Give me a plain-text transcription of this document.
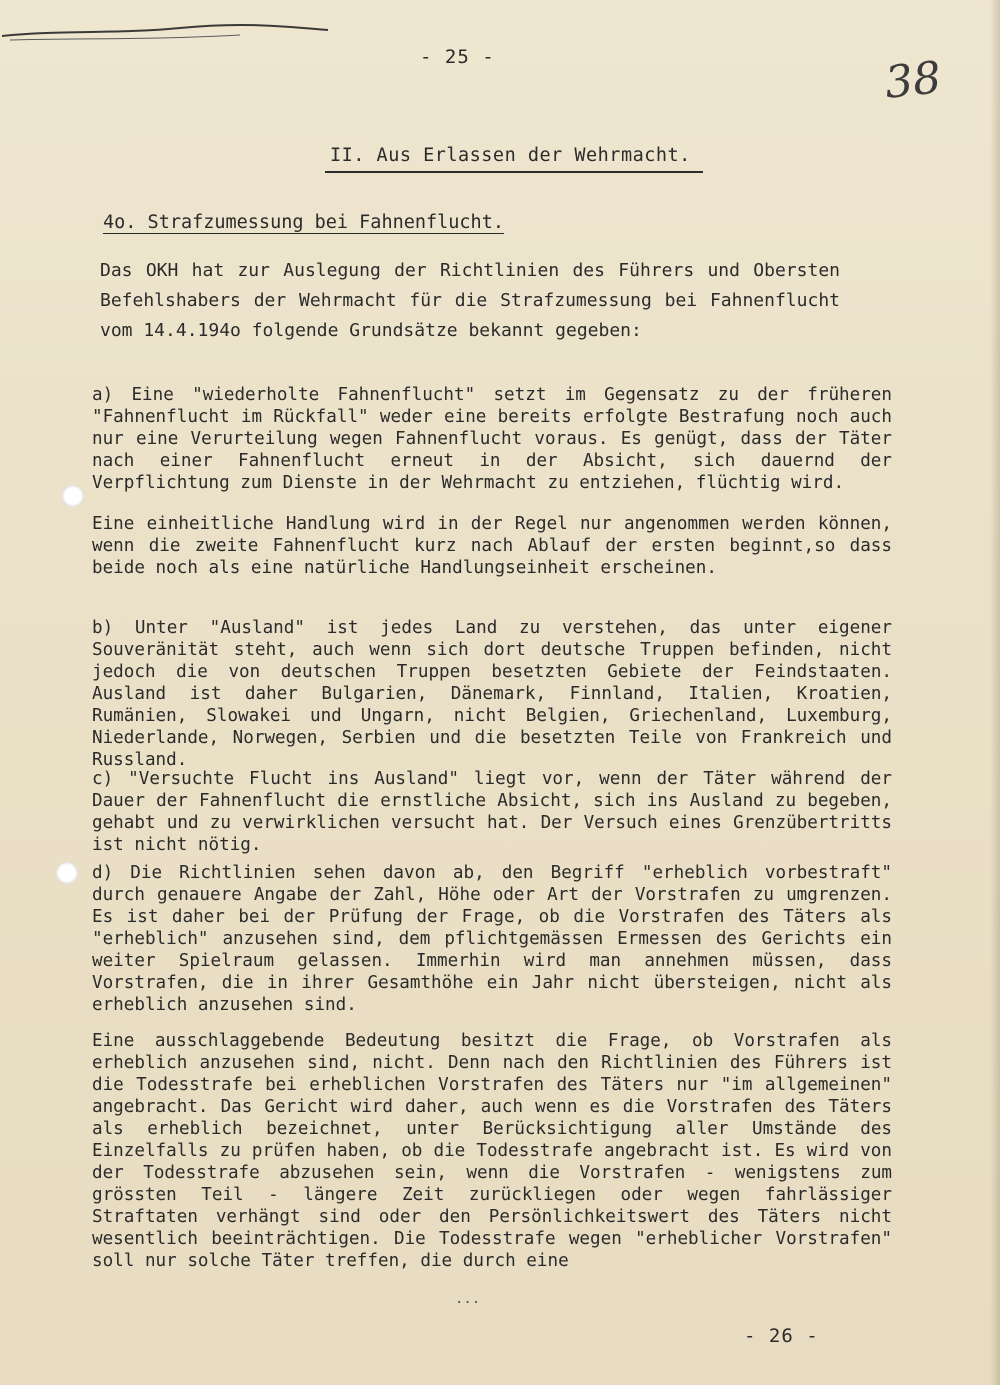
- 25 -	38
II. Aus Erlassen der Wehrmacht.
4o. Strafzumessung bei Fahnenflucht.

Das OKH hat zur Auslegung der Richtlinien des Führers und Obersten Befehlshabers der Wehrmacht für die Strafzumessung bei Fahnenflucht vom 14.4.194o folgende Grundsätze bekannt gegeben:

a) Eine "wiederholte Fahnenflucht" setzt im Gegensatz zu der früheren "Fahnenflucht im Rückfall" weder eine bereits erfolgte Bestrafung noch auch nur eine Verurteilung wegen Fahnenflucht voraus. Es genügt, dass der Täter nach einer Fahnenflucht erneut in der Absicht, sich dauernd der Verpflichtung zum Dienste in der Wehrmacht zu entziehen, flüchtig wird.

Eine einheitliche Handlung wird in der Regel nur angenommen werden können, wenn die zweite Fahnenflucht kurz nach Ablauf der ersten beginnt,so dass beide noch als eine natürliche Handlungseinheit erscheinen.

b) Unter "Ausland" ist jedes Land zu verstehen, das unter eigener Souveränität steht, auch wenn sich dort deutsche Truppen befinden, nicht jedoch die von deutschen Truppen besetzten Gebiete der Feindstaaten. Ausland ist daher Bulgarien, Dänemark, Finnland, Italien, Kroatien, Rumänien, Slowakei und Ungarn, nicht Belgien, Griechenland, Luxemburg, Niederlande, Norwegen, Serbien und die besetzten Teile von Frankreich und Russland.

c) "Versuchte Flucht ins Ausland" liegt vor, wenn der Täter während der Dauer der Fahnenflucht die ernstliche Absicht, sich ins Ausland zu begeben, gehabt und zu verwirklichen versucht hat. Der Versuch eines Grenzübertritts ist nicht nötig.

d) Die Richtlinien sehen davon ab, den Begriff "erheblich vorbestraft" durch genauere Angabe der Zahl, Höhe oder Art der Vorstrafen zu umgrenzen. Es ist daher bei der Prüfung der Frage, ob die Vorstrafen des Täters als "erheblich" anzusehen sind, dem pflichtgemässen Ermessen des Gerichts ein weiter Spielraum gelassen. Immerhin wird man annehmen müssen, dass Vorstrafen, die in ihrer Gesamthöhe ein Jahr nicht übersteigen, nicht als erheblich anzusehen sind.

Eine ausschlaggebende Bedeutung besitzt die Frage, ob Vorstrafen als erheblich anzusehen sind, nicht. Denn nach den Richtlinien des Führers ist die Todesstrafe bei erheblichen Vorstrafen des Täters nur "im allgemeinen" angebracht. Das Gericht wird daher, auch wenn es die Vorstrafen des Täters als erheblich bezeichnet, unter Berücksichtigung aller Umstände des Einzelfalls zu prüfen haben, ob die Todesstrafe angebracht ist. Es wird von der Todesstrafe abzusehen sein, wenn die Vorstrafen - wenigstens zum grössten Teil - längere Zeit zurückliegen oder wegen fahrlässiger Straftaten verhängt sind oder den Persönlichkeitswert des Täters nicht wesentlich beeinträchtigen. Die Todesstrafe wegen "erheblicher Vorstrafen" soll nur solche Täter treffen, die durch eine

···
- 26 -
